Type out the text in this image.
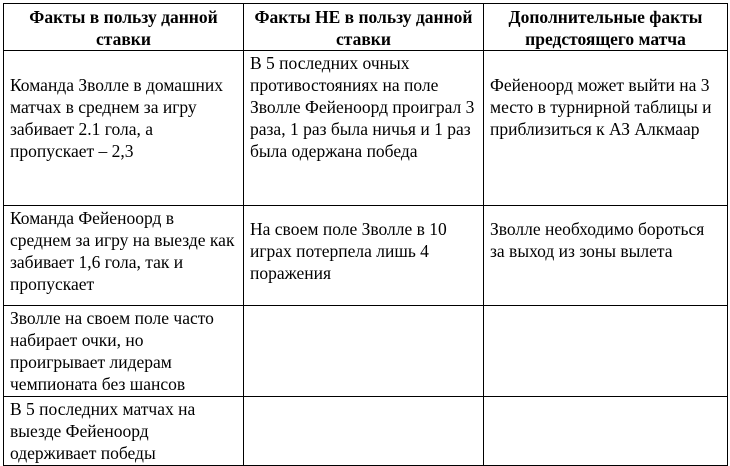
Факты в пользу данной ставки	Факты НЕ в пользу данной ставки	Дополнительные факты предстоящего матча
Команда Зволле в домашних матчах в среднем за игру забивает 2.1 гола, а пропускает – 2,3	В 5 последних очных противостояниях на поле Зволле Фейеноорд проиграл 3 раза, 1 раз была ничья и 1 раз была одержана победа	Фейеноорд может выйти на 3 место в турнирной таблицы и приблизиться к АЗ Алкмаар
Команда Фейеноорд в среднем за игру на выезде как забивает 1,6 гола, так и пропускает	На своем поле Зволле в 10 играх потерпела лишь 4 поражения	Зволле необходимо бороться за выход из зоны вылета
Зволле на своем поле часто набирает очки, но проигрывает лидерам чемпионата без шансов		
В 5 последних матчах на выезде Фейеноорд одерживает победы		
